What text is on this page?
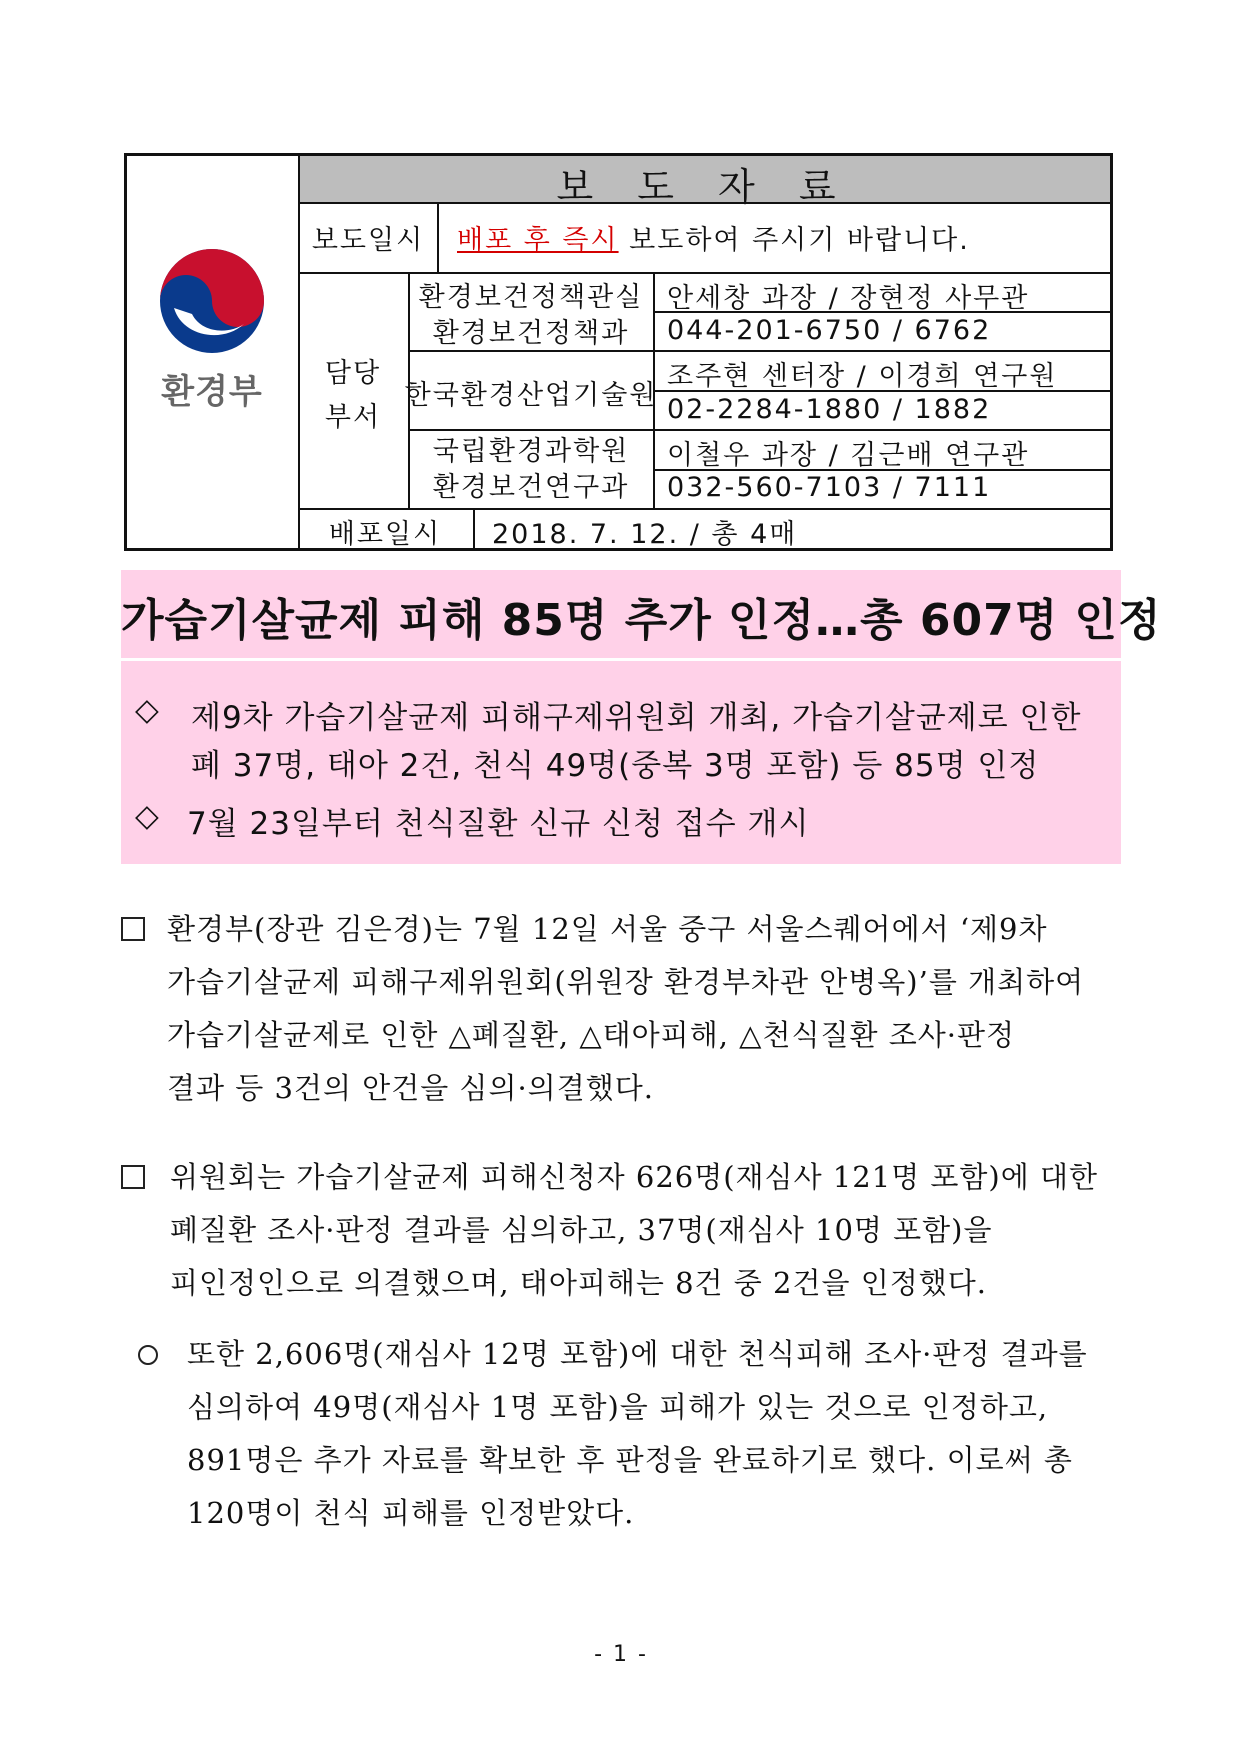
환경부
보 도 자 료
보도일시 배포 후 즉시 보도하여 주시기 바랍니다.
담당
부서
환경보건정책관실
환경보건정책과
안세창 과장 / 장현정 사무관
044-201-6750 / 6762
한국환경산업기술원
조주현 센터장 / 이경희 연구원
02-2284-1880 / 1882
국립환경과학원
환경보건연구과
이철우 과장 / 김근배 연구관
032-560-7103 / 7111
배포일시 2018. 7. 12. / 총 4매
가습기살균제 피해 85명 추가 인정…총 607명 인정
◇ 제9차 가습기살균제 피해구제위원회 개최, 가습기살균제로 인한
폐 37명, 태아 2건, 천식 49명(중복 3명 포함) 등 85명 인정
◇ 7월 23일부터 천식질환 신규 신청 접수 개시
환경부(장관 김은경)는 7월 12일 서울 중구 서울스퀘어에서 ‘제9차
가습기살균제 피해구제위원회(위원장 환경부차관 안병옥)’를 개최하여
가습기살균제로 인한 △폐질환, △태아피해, △천식질환 조사·판정
결과 등 3건의 안건을 심의·의결했다.
위원회는 가습기살균제 피해신청자 626명(재심사 121명 포함)에 대한
폐질환 조사·판정 결과를 심의하고, 37명(재심사 10명 포함)을
피인정인으로 의결했으며, 태아피해는 8건 중 2건을 인정했다.
또한 2,606명(재심사 12명 포함)에 대한 천식피해 조사·판정 결과를
심의하여 49명(재심사 1명 포함)을 피해가 있는 것으로 인정하고,
891명은 추가 자료를 확보한 후 판정을 완료하기로 했다. 이로써 총
120명이 천식 피해를 인정받았다.
- 1 -
